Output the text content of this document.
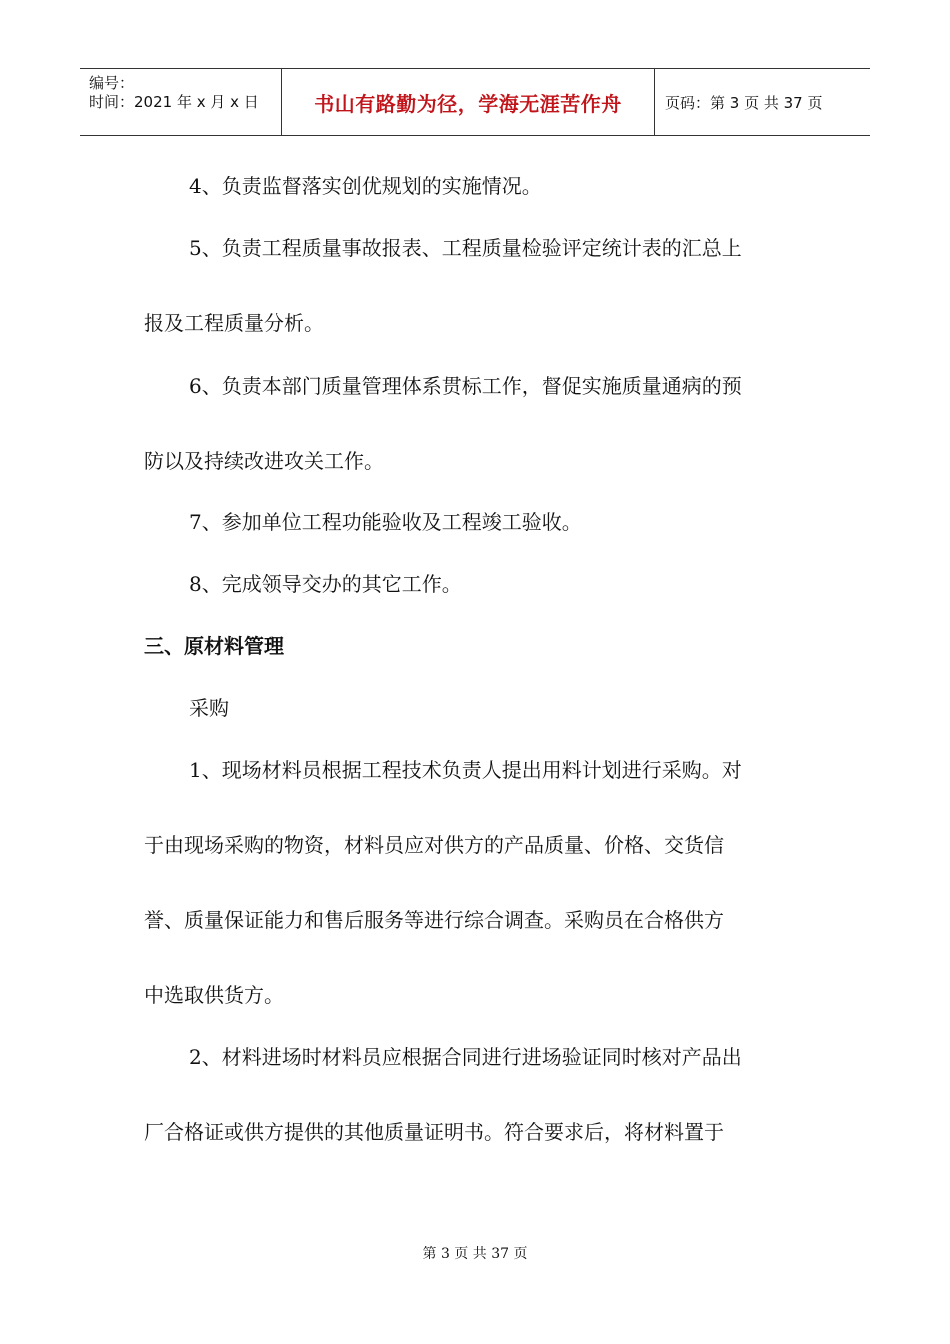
编号：
时间：2021 年 x 月 x 日	书山有路勤为径，学海无涯苦作舟	页码：第 3 页 共 37 页
4、负责监督落实创优规划的实施情况。
5、负责工程质量事故报表、工程质量检验评定统计表的汇总上
报及工程质量分析。
6、负责本部门质量管理体系贯标工作，督促实施质量通病的预
防以及持续改进攻关工作。
7、参加单位工程功能验收及工程竣工验收。
8、完成领导交办的其它工作。
三、原材料管理
采购
1、现场材料员根据工程技术负责人提出用料计划进行采购。对
于由现场采购的物资，材料员应对供方的产品质量、价格、交货信
誉、质量保证能力和售后服务等进行综合调查。采购员在合格供方
中选取供货方。
2、材料进场时材料员应根据合同进行进场验证同时核对产品出
厂合格证或供方提供的其他质量证明书。符合要求后，将材料置于
第 3 页 共 37 页
